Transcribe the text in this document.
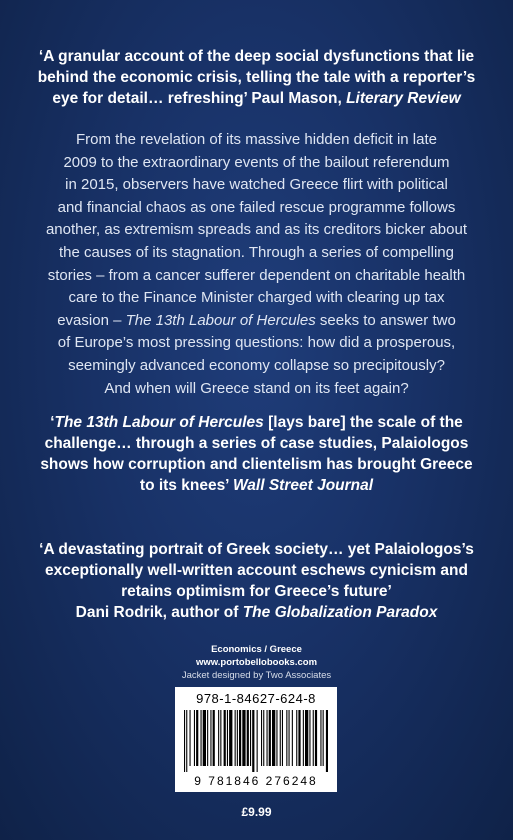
‘A granular account of the deep social dysfunctions that lie
behind the economic crisis, telling the tale with a reporter’s
eye for detail… refreshing’ Paul Mason, Literary Review
From the revelation of its massive hidden deficit in late
2009 to the extraordinary events of the bailout referendum
in 2015, observers have watched Greece flirt with political
and financial chaos as one failed rescue programme follows
another, as extremism spreads and as its creditors bicker about
the causes of its stagnation. Through a series of compelling
stories – from a cancer sufferer dependent on charitable health
care to the Finance Minister charged with clearing up tax
evasion – The 13th Labour of Hercules seeks to answer two
of Europe’s most pressing questions: how did a prosperous,
seemingly advanced economy collapse so precipitously?
And when will Greece stand on its feet again?
‘The 13th Labour of Hercules [lays bare] the scale of the
challenge… through a series of case studies, Palaiologos
shows how corruption and clientelism has brought Greece
to its knees’ Wall Street Journal
‘A devastating portrait of Greek society… yet Palaiologos’s
exceptionally well-written account eschews cynicism and
retains optimism for Greece’s future’
Dani Rodrik, author of The Globalization Paradox
Economics / Greece
www.portobellobooks.com
Jacket designed by Two Associates
978-1-84627-624-8
9 781846 276248
£9.99
